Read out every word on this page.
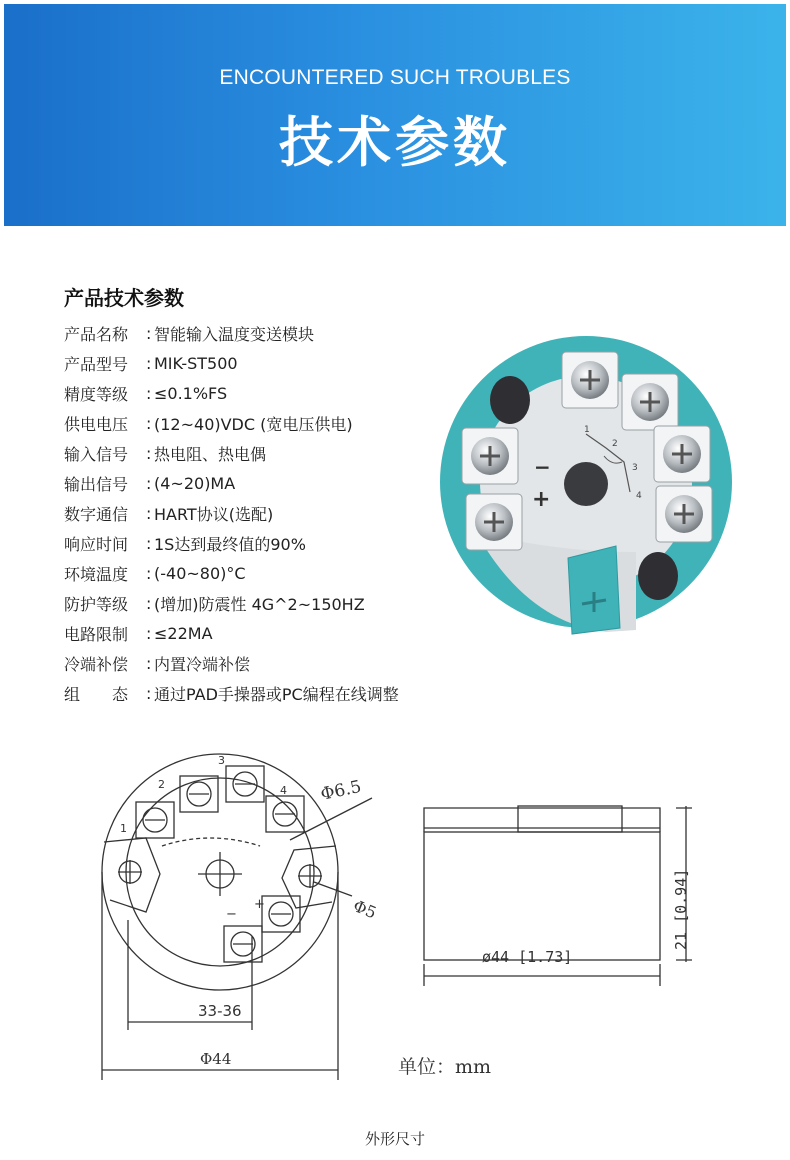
ENCOUNTERED SUCH TROUBLES
技术参数
产品技术参数
产品名称	: 智能输入温度变送模块
产品型号	: MIK-ST500
精度等级	: ≤0.1%FS
供电电压	: (12~40)VDC (宽电压供电)
输入信号	: 热电阻、热电偶
输出信号	: (4~20)MA
数字通信	: HART协议(选配)
响应时间	: 1S达到最终值的90%
环境温度	: (-40~80)°C
防护等级	: (增加)防震性 4G^2~150HZ
电路限制	: ≤22MA
冷端补偿	: 内置冷端补偿
组　　态	: 通过PAD手操器或PC编程在线调整
1
2
3
4
−
+
1
2
3
4
−
+
Φ6.5
Φ5
33-36
Φ44
ø44 [1.73]
21 [0.94]
单位：mm
外形尺寸
